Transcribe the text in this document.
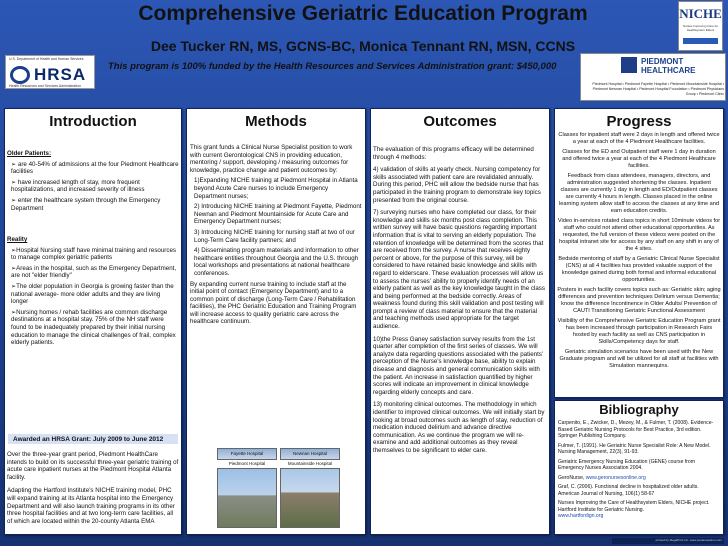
U.S. Department of Health and Human Services
HRSA
Health Resources and Services Administration
Comprehensive Geriatric Education Program
Dee Tucker RN, MS, GCNS-BC, Monica Tennant RN, MSN, CCNS
This program is 100% funded by the Health Resources and Services Administration grant: $450,000
NICHE
Nurses Improving Care for Healthsystem Elders
PIEDMONT
HEALTHCARE
Piedmont Hospital • Piedmont Fayette Hospital • Piedmont Mountainside Hospital • Piedmont Newnan Hospital • Piedmont Hospital Foundation • Piedmont Physicians Group • Piedmont Clinic
Introduction
Older Patients:
➢ are 40-54% of admissions at the four Piedmont Healthcare facilities
➢ have increased length of stay, more frequent hospitalizations, and increased severity of illness
➢ enter the healthcare system through the Emergency Department
Reality
➢Hospital Nursing staff have minimal training and resources to manage complex geriatric patients
➢Areas in the hospital, such as the Emergency Department, are not "elder friendly"
➢The older population in Georgia is growing faster than the national average- more older adults and they are living longer
➢Nursing homes / rehab facilities are common discharge destinations at a hospital stay. 75% of the NH staff were found to be inadequately prepared by their initial nursing education to manage the clinical challenges of frail, complex elderly patients.
Awarded an HRSA Grant: July 2009 to June 2012
Over the three-year grant period, Piedmont HealthCare intends to build on its successful three-year geriatric training of acute care inpatient nurses at the Piedmont Hospital Atlanta facility.
Adapting the Hartford Institute's NICHE training model, PHC will expand training at its Atlanta hospital into the Emergency Department and will also launch training programs in its other three hospital facilities and at two long-term care facilities, all of which are located within the 20-county Atlanta EMA
Methods
This grant funds a Clinical Nurse Specialist position to work with current Gerontological CNS in providing education, mentoring / support, developing / measuring outcomes for knowledge, practice change and patient outcomes by:
1)Expanding NICHE training at Piedmont Hospital in Atlanta beyond Acute Care nurses to include Emergency Department nurses;
2) Introducing NICHE training at Piedmont Fayette, Piedmont Newnan and Piedmont Mountainside for Acute Care and Emergency Department nurses;
3) Introducing NICHE training for nursing staff at two of our Long-Term Care facility partners; and
4) Disseminating program materials and information to other healthcare entities throughout Georgia and the U.S. through local workshops and presentations at national healthcare conferences.
By expanding current nurse training to include staff at the initial point of contact (Emergency Department) and to a common point of discharge (Long-Term Care / Rehabilitation facilities), the PHC Geriatric Education and Training Program will increase access to quality geriatric care across the healthcare continuum.
Fayette Hospital	Newnan Hospital
Piedmont Hospital	Mountainside Hospital
Outcomes
The evaluation of this programs efficacy will be determined through 4 methods:
4) validation of skills at yearly check. Nursing competency for skills associated with patient care are revalidated annually. During this period, PHC will allow the bedside nurse that has participated in the training program to demonstrate key topics presented from the original course.
7) surveying nurses who have completed our class, for their knowledge and skills six months post class completion. This written survey will have basic questions regarding important information that is vital to serving an elderly population. The retention of knowledge will be determined from the scores that are received from the survey. A nurse that receives eighty percent or above, for the purpose of this survey, will be considered to have retained basic knowledge and skills with regard to elderscare. These evaluation processes will allow us to assess the nurses' ability to properly identify needs of an elderly patient as well as the key knowledge taught in the class and being performed at the bedside correctly. Areas of weakness found during this skill validation and post testing will prompt a review of class material to ensure that the material and teaching methods used appropriate for the target audience.
10)the Press Ganey satisfaction survey results from the 1st quarter after completion of the first series of classes. We will analyze data regarding questions associated with the patients' perception of the Nurse's knowledge base, ability to explain disease and diagnosis and general communication skills with the patient. An increase in satisfaction quantified by higher scores will indicate an improvement in clinical knowledge regarding elderly concepts and care.
13) monitoring clinical outcomes. The methodology in which identifier to improved clinical outcomes. We will initially start by looking at broad outcomes such as length of stay, reduction of medication induced delirium and advance directive communication. As we continue the program we will re-examine and add additional outcomes as they reveal themselves to be significant to elder care.
Progress

Classes for inpatient staff were 2 days in length and offered twice a year at each of the 4 Piedmont Healthcare facilities.

Classes for the ED and Outpatient staff were 1 day in duration and offered twice a year at each of the 4 Piedmont Healthcare facilities.

Feedback from class attendees, managers, directors, and administration suggested shortening the classes. Inpatient classes are currently 1 day in length and ED/Outpatient classes are currently 4 hours in length. Classes placed in the online learning system allow staff to access the classes at any time and earn education credits.

Video in-services rotated class topics in short 10minute videos for staff who could not attend other educational opportunities. As requested, the full version of these videos were posted on the hospital intranet site for access by any staff on any shift in any of the 4 sites.

Bedside mentoring of staff by a Geriatric Clinical Nurse Specialist (CNS) at all 4 facilities has provided valuable support of the knowledge gained during both formal and informal educational opportunities.

Posters in each facility covers topics such as: Geriatric skin; aging differences and prevention techniques Delirium versus Dementia; know the difference Incontinence in Older Adults/ Prevention of CAUTI Transitioning Geriatric Functional Assessment

Visibility of the Comprehensive Geriatric Education Program grant has been increased through participation in Research Fairs hosted by each facility as well as CNS participation in Skills/Competency days for staff.

Geriatric simulation scenarios have been used with the New Graduate program and will be utilized for all staff at facilities with Simulation mannequins.

Bibliography

Carpenito, E., Zwicker, D., Mezey, M., & Fulmer, T. (2008). Evidence-Based Geriatric Nursing Protocols for Best Practice, 3rd edition. Springer Publishing Company.

Fulmer, T. (1991). He Geriatric Nurse Specialist Role: A New Model. Nursing Management, 22(3), 91-93.

Geriatric Emergency Nursing Education (GENE) course from Emergency Nurses Association 2004.

GeroNurse, www.geronursesonline.org

Graf, C. (2006). Functional decline in hospitalized older adults. American Journal of Nursing, 106(1) 58-67

Nurses Improving the Care of Healthsystem Elders, NICHE project. Hartford Institute for Geriatric Nursing.
www.hartfordign.org

printed by MegaPrint Inc. www.postersession.com
